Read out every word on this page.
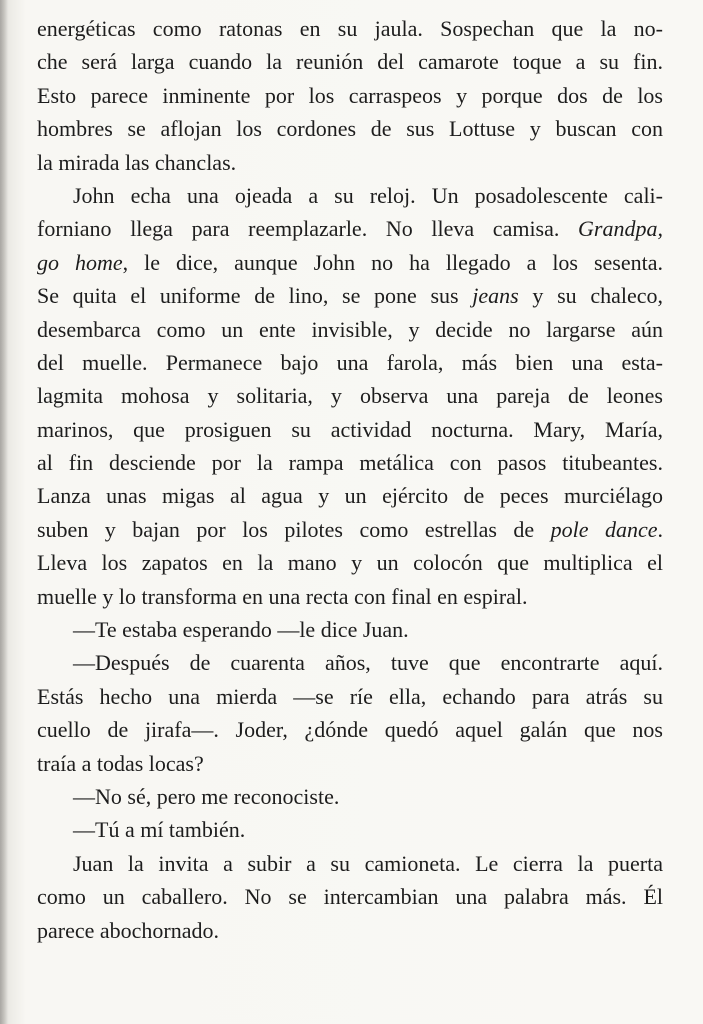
energéticas como ratonas en su jaula. Sospechan que la no-
che será larga cuando la reunión del camarote toque a su fin.
Esto parece inminente por los carraspeos y porque dos de los
hombres se aflojan los cordones de sus Lottuse y buscan con
la mirada las chanclas.
John echa una ojeada a su reloj. Un posadolescente cali-
forniano llega para reemplazarle. No lleva camisa. Grandpa,
go home, le dice, aunque John no ha llegado a los sesenta.
Se quita el uniforme de lino, se pone sus jeans y su chaleco,
desembarca como un ente invisible, y decide no largarse aún
del muelle. Permanece bajo una farola, más bien una esta-
lagmita mohosa y solitaria, y observa una pareja de leones
marinos, que prosiguen su actividad nocturna. Mary, María,
al fin desciende por la rampa metálica con pasos titubeantes.
Lanza unas migas al agua y un ejército de peces murciélago
suben y bajan por los pilotes como estrellas de pole dance.
Lleva los zapatos en la mano y un colocón que multiplica el
muelle y lo transforma en una recta con final en espiral.
—Te estaba esperando —le dice Juan.
—Después de cuarenta años, tuve que encontrarte aquí.
Estás hecho una mierda —se ríe ella, echando para atrás su
cuello de jirafa—. Joder, ¿dónde quedó aquel galán que nos
traía a todas locas?
—No sé, pero me reconociste.
—Tú a mí también.
Juan la invita a subir a su camioneta. Le cierra la puerta
como un caballero. No se intercambian una palabra más. Él
parece abochornado.
